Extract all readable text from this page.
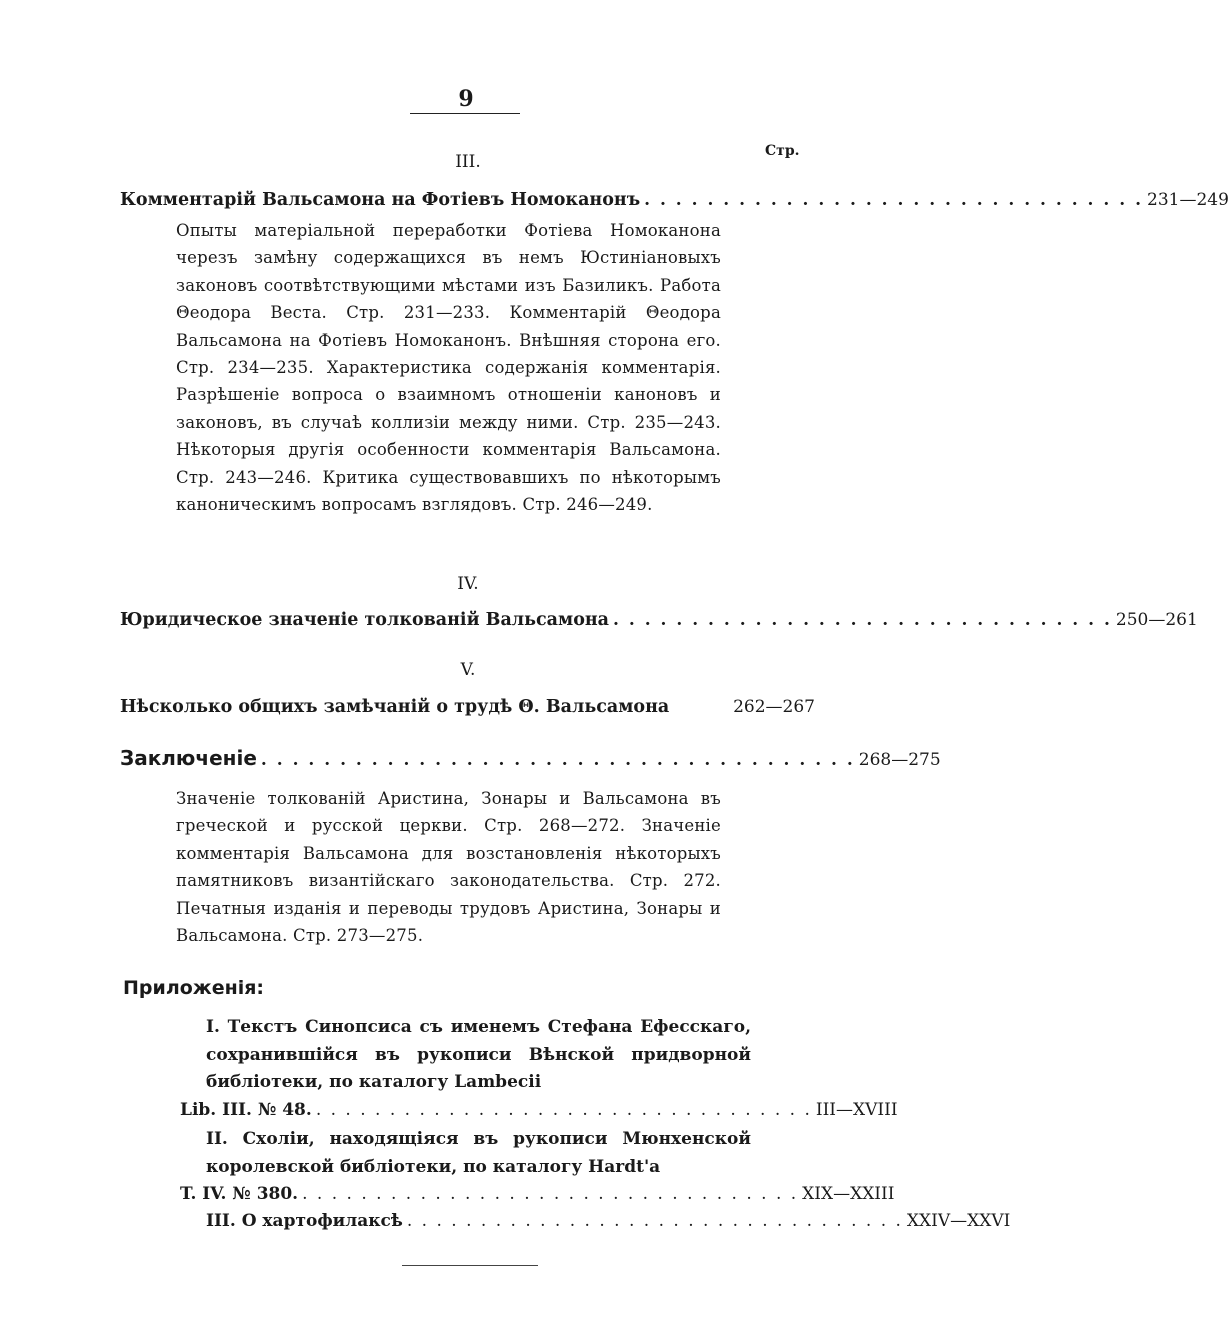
9
Стр.
III.
Комментарiй Вальсамона на Фотiевъ Номоканонъ . . . . . . . . . . . . . . . . . . . . . . . . . . . . . . . . 231—249
Опыты матерiальной переработки Фотiева Номоканона черезъ замѣну содержащихся въ немъ Юстинiановыхъ законовъ соотвѣтствующими мѣстами изъ Базиликъ. Работа Θеодора Веста. Стр. 231—233. Комментарiй Θеодора Вальсамона на Фотiевъ Номоканонъ. Внѣшняя сторона его. Стр. 234—235. Характеристика содержанiя комментарiя. Разрѣшенiе вопроса о взаимномъ отношенiи каноновъ и законовъ, въ случаѣ коллизiи между ними. Стр. 235—243. Нѣкоторыя другiя особенности комментарiя Вальсамона. Стр. 243—246. Критика существовавшихъ по нѣкоторымъ каноническимъ вопросамъ взглядовъ. Стр. 246—249.
IV.
Юридическое значенiе толкованiй Вальсамона . . . . . . . . . . . . . . . . . . . . . . . . . . . . . . . . 250—261
V.
Нѣсколько общихъ замѣчанiй о трудѣ Θ. Вальсамона	262—267
Заключенiе . . . . . . . . . . . . . . . . . . . . . . . . . . . . . . . . . . . . . . 268—275
Значенiе толкованiй Аристина, Зонары и Вальсамона въ греческой и русской церкви. Стр. 268—272. Значенiе комментарiя Вальсамона для возстановленiя нѣкоторыхъ памятниковъ византiйскаго законодательства. Стр. 272. Печатныя изданiя и переводы трудовъ Аристина, Зонары и Вальсамона. Стр. 273—275.
Приложенiя:
I. Текстъ Синопсиса съ именемъ Стефана Ефесскаго, сохранившiйся въ рукописи Вѣнской придворной библiотеки, по каталогу Lambecii
Lib. III. № 48. . . . . . . . . . . . . . . . . . . . . . . . . . . . . . . . . . . III—XVIII
II. Схолiи, находящiяся въ рукописи Мюнхенской королевской библiотеки, по каталогу Hardt'a
T. IV. № 380. . . . . . . . . . . . . . . . . . . . . . . . . . . . . . . . . . . XIX—XXIII
III. О хартофилаксѣ . . . . . . . . . . . . . . . . . . . . . . . . . . . . . . . . . . XXIV—XXVI
